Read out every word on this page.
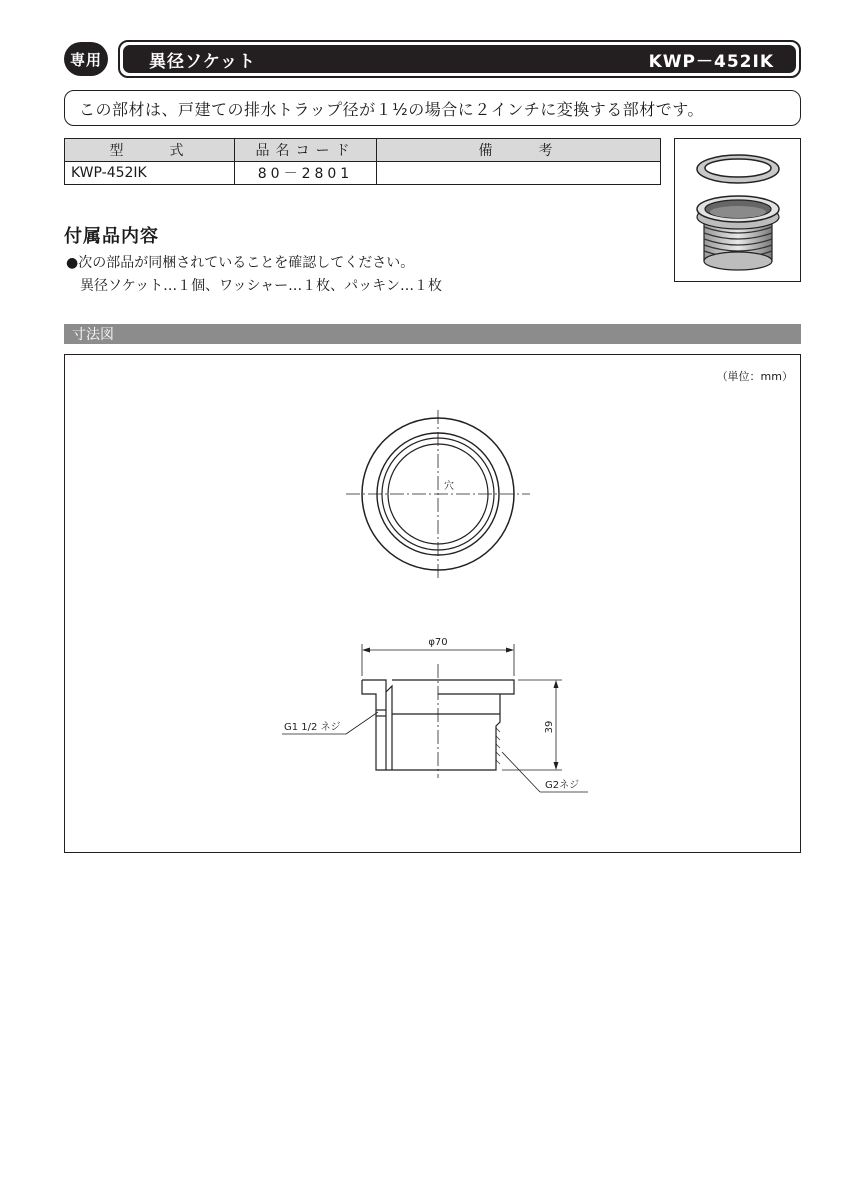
専用	異径ソケット	KWP－452IK
この部材は、戸建ての排水トラップ径が１½の場合に２インチに変換する部材です。
型　　式	品名コード	備　　考
KWP-452IK	80－2801	
付属品内容
●次の部品が同梱されていることを確認してください。
異径ソケット…１個、ワッシャー…１枚、パッキン…１枚
寸法図
（単位：mm）
穴
φ70
39
G1 1/2 ネジ
G2ネジ
